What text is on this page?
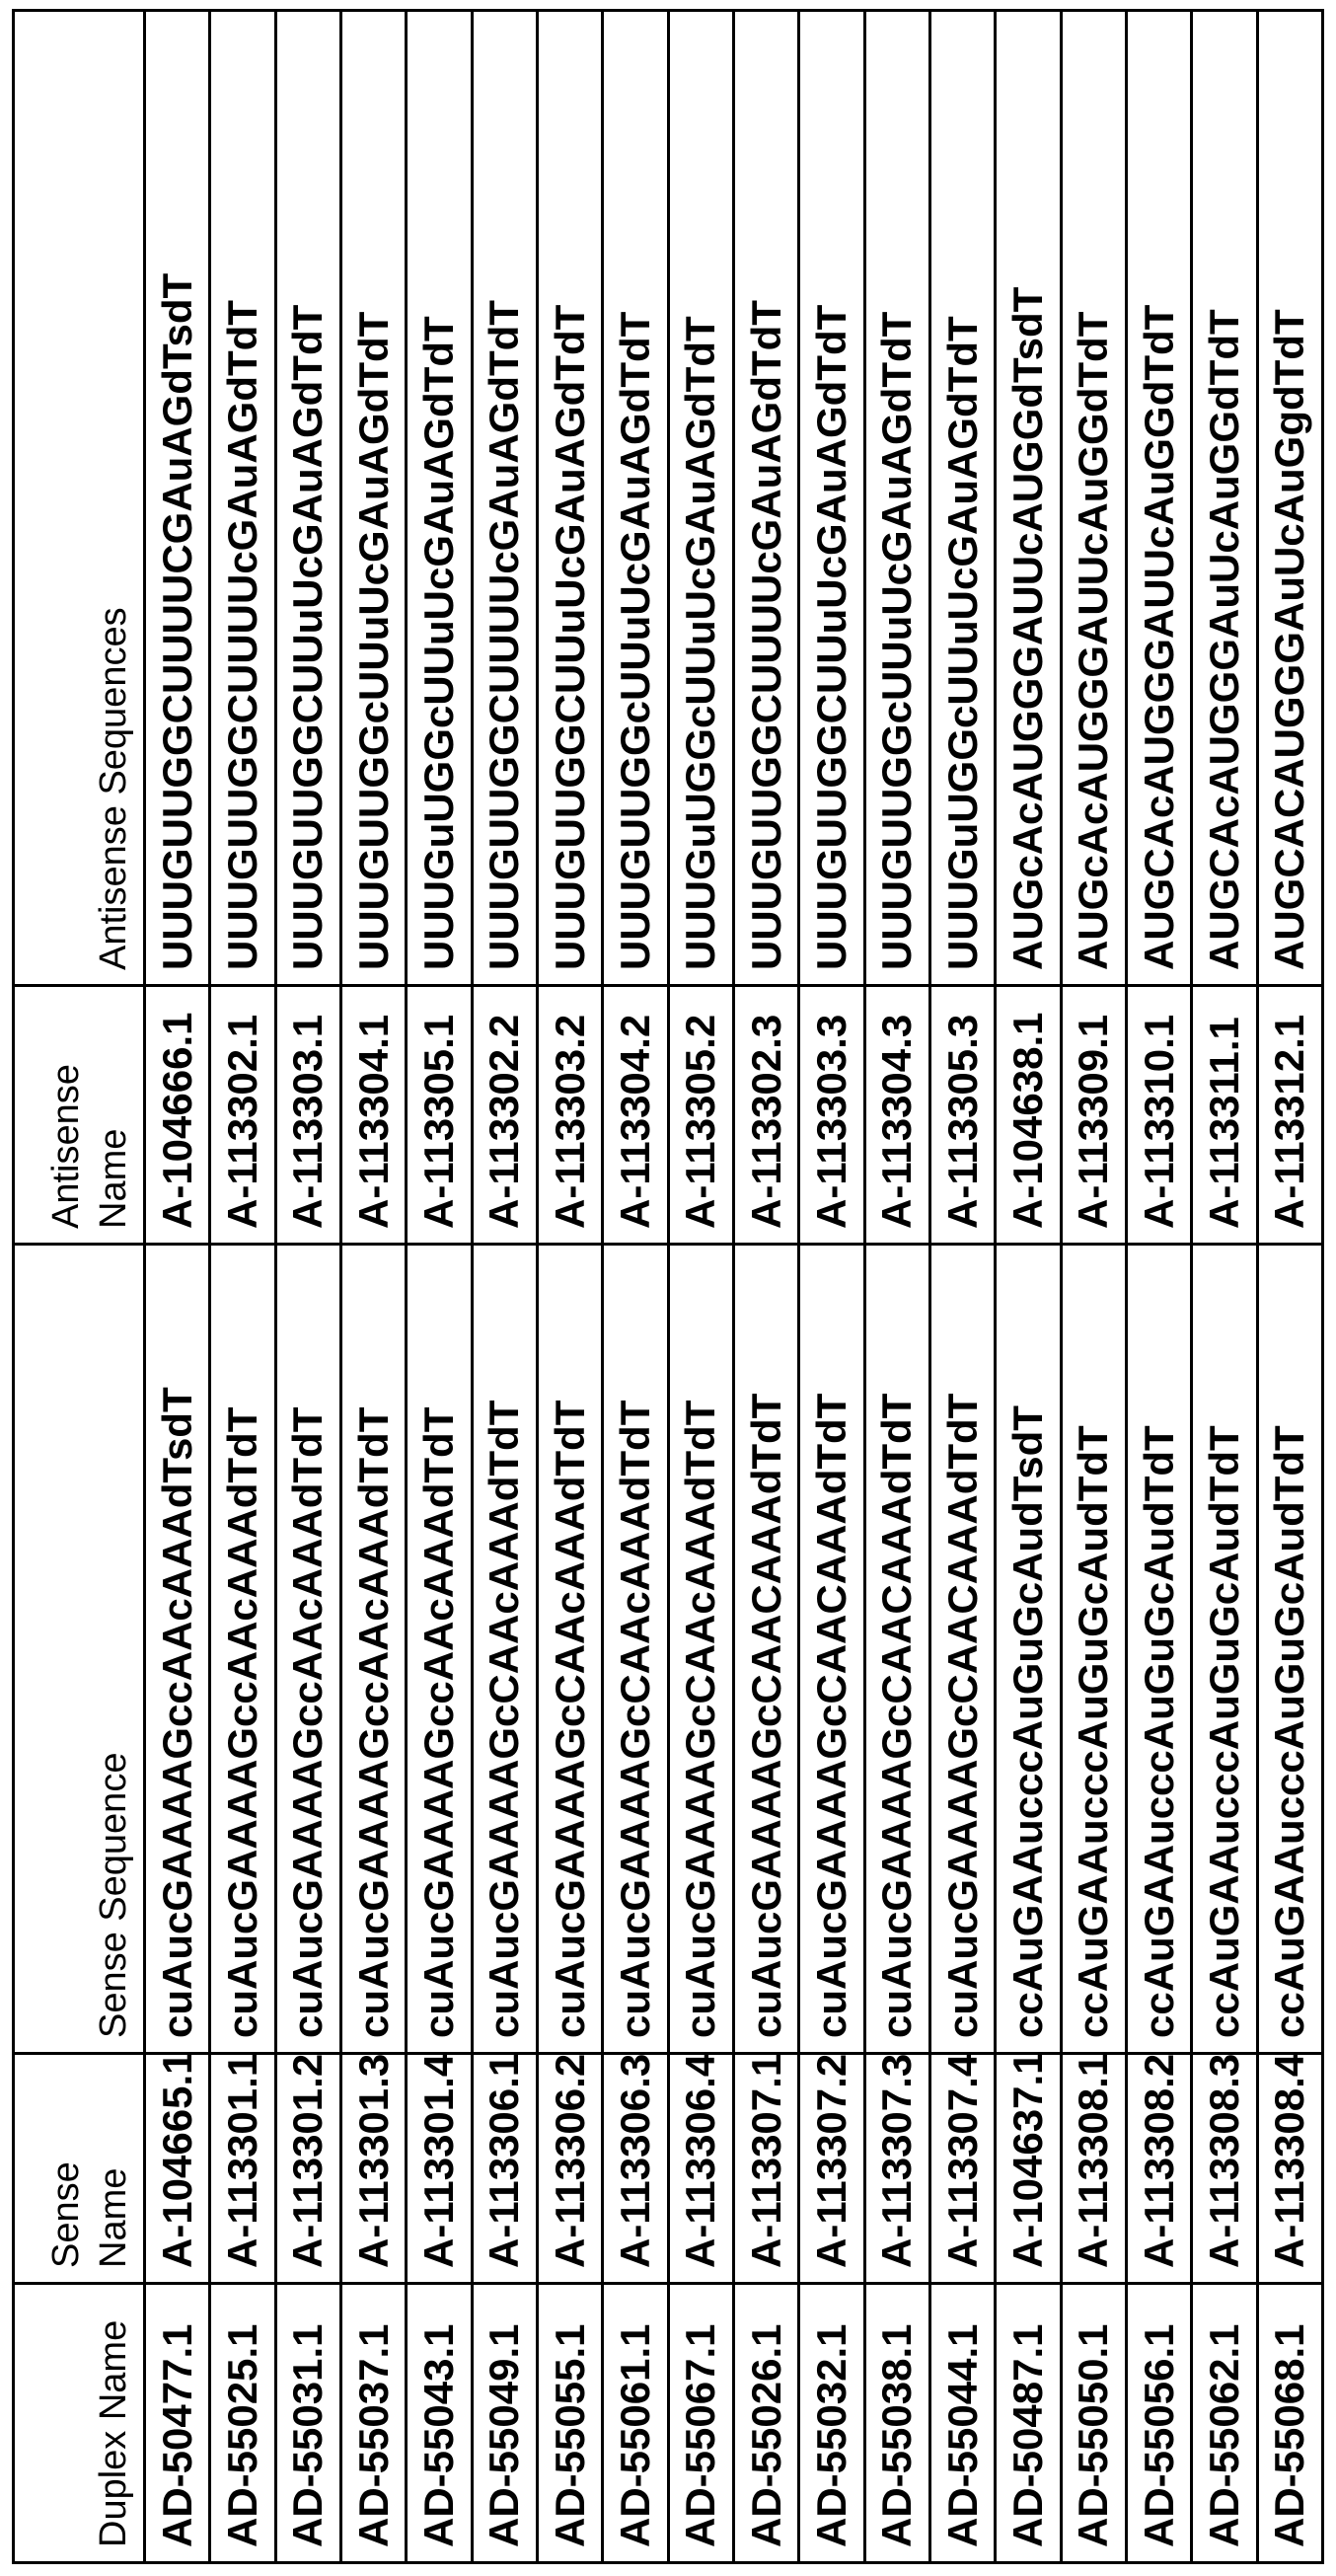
Duplex Name	Sense Name	Sense Sequence	Antisense Name	Antisense Sequences
AD-50477.1	A-104665.1	cuAucGAAAAGccAAcAAAdTsdT	A-104666.1	UUUGUUGGCUUUUCGAuAGdTsdT
AD-55025.1	A-113301.1	cuAucGAAAAGccAAcAAAdTdT	A-113302.1	UUUGUUGGCUUUUcGAuAGdTdT
AD-55031.1	A-113301.2	cuAucGAAAAGccAAcAAAdTdT	A-113303.1	UUUGUUGGCUUuUcGAuAGdTdT
AD-55037.1	A-113301.3	cuAucGAAAAGccAAcAAAdTdT	A-113304.1	UUUGUUGGcUUuUcGAuAGdTdT
AD-55043.1	A-113301.4	cuAucGAAAAGccAAcAAAdTdT	A-113305.1	UUUGuUGGcUUuUcGAuAGdTdT
AD-55049.1	A-113306.1	cuAucGAAAAGcCAAcAAAdTdT	A-113302.2	UUUGUUGGCUUUUcGAuAGdTdT
AD-55055.1	A-113306.2	cuAucGAAAAGcCAAcAAAdTdT	A-113303.2	UUUGUUGGCUUuUcGAuAGdTdT
AD-55061.1	A-113306.3	cuAucGAAAAGcCAAcAAAdTdT	A-113304.2	UUUGUUGGcUUuUcGAuAGdTdT
AD-55067.1	A-113306.4	cuAucGAAAAGcCAAcAAAdTdT	A-113305.2	UUUGuUGGcUUuUcGAuAGdTdT
AD-55026.1	A-113307.1	cuAucGAAAAGcCAACAAAdTdT	A-113302.3	UUUGUUGGCUUUUcGAuAGdTdT
AD-55032.1	A-113307.2	cuAucGAAAAGcCAACAAAdTdT	A-113303.3	UUUGUUGGCUUuUcGAuAGdTdT
AD-55038.1	A-113307.3	cuAucGAAAAGcCAACAAAdTdT	A-113304.3	UUUGUUGGcUUuUcGAuAGdTdT
AD-55044.1	A-113307.4	cuAucGAAAAGcCAACAAAdTdT	A-113305.3	UUUGuUGGcUUuUcGAuAGdTdT
AD-50487.1	A-104637.1	ccAuGAAucccAuGuGcAudTsdT	A-104638.1	AUGcAcAUGGGAUUcAUGGdTsdT
AD-55050.1	A-113308.1	ccAuGAAucccAuGuGcAudTdT	A-113309.1	AUGcAcAUGGGAUUcAuGGdTdT
AD-55056.1	A-113308.2	ccAuGAAucccAuGuGcAudTdT	A-113310.1	AUGCAcAUGGGAUUcAuGGdTdT
AD-55062.1	A-113308.3	ccAuGAAucccAuGuGcAudTdT	A-113311.1	AUGCAcAUGGGAuUcAuGGdTdT
AD-55068.1	A-113308.4	ccAuGAAucccAuGuGcAudTdT	A-113312.1	AUGCACAUGGGAuUcAuGgdTdT
